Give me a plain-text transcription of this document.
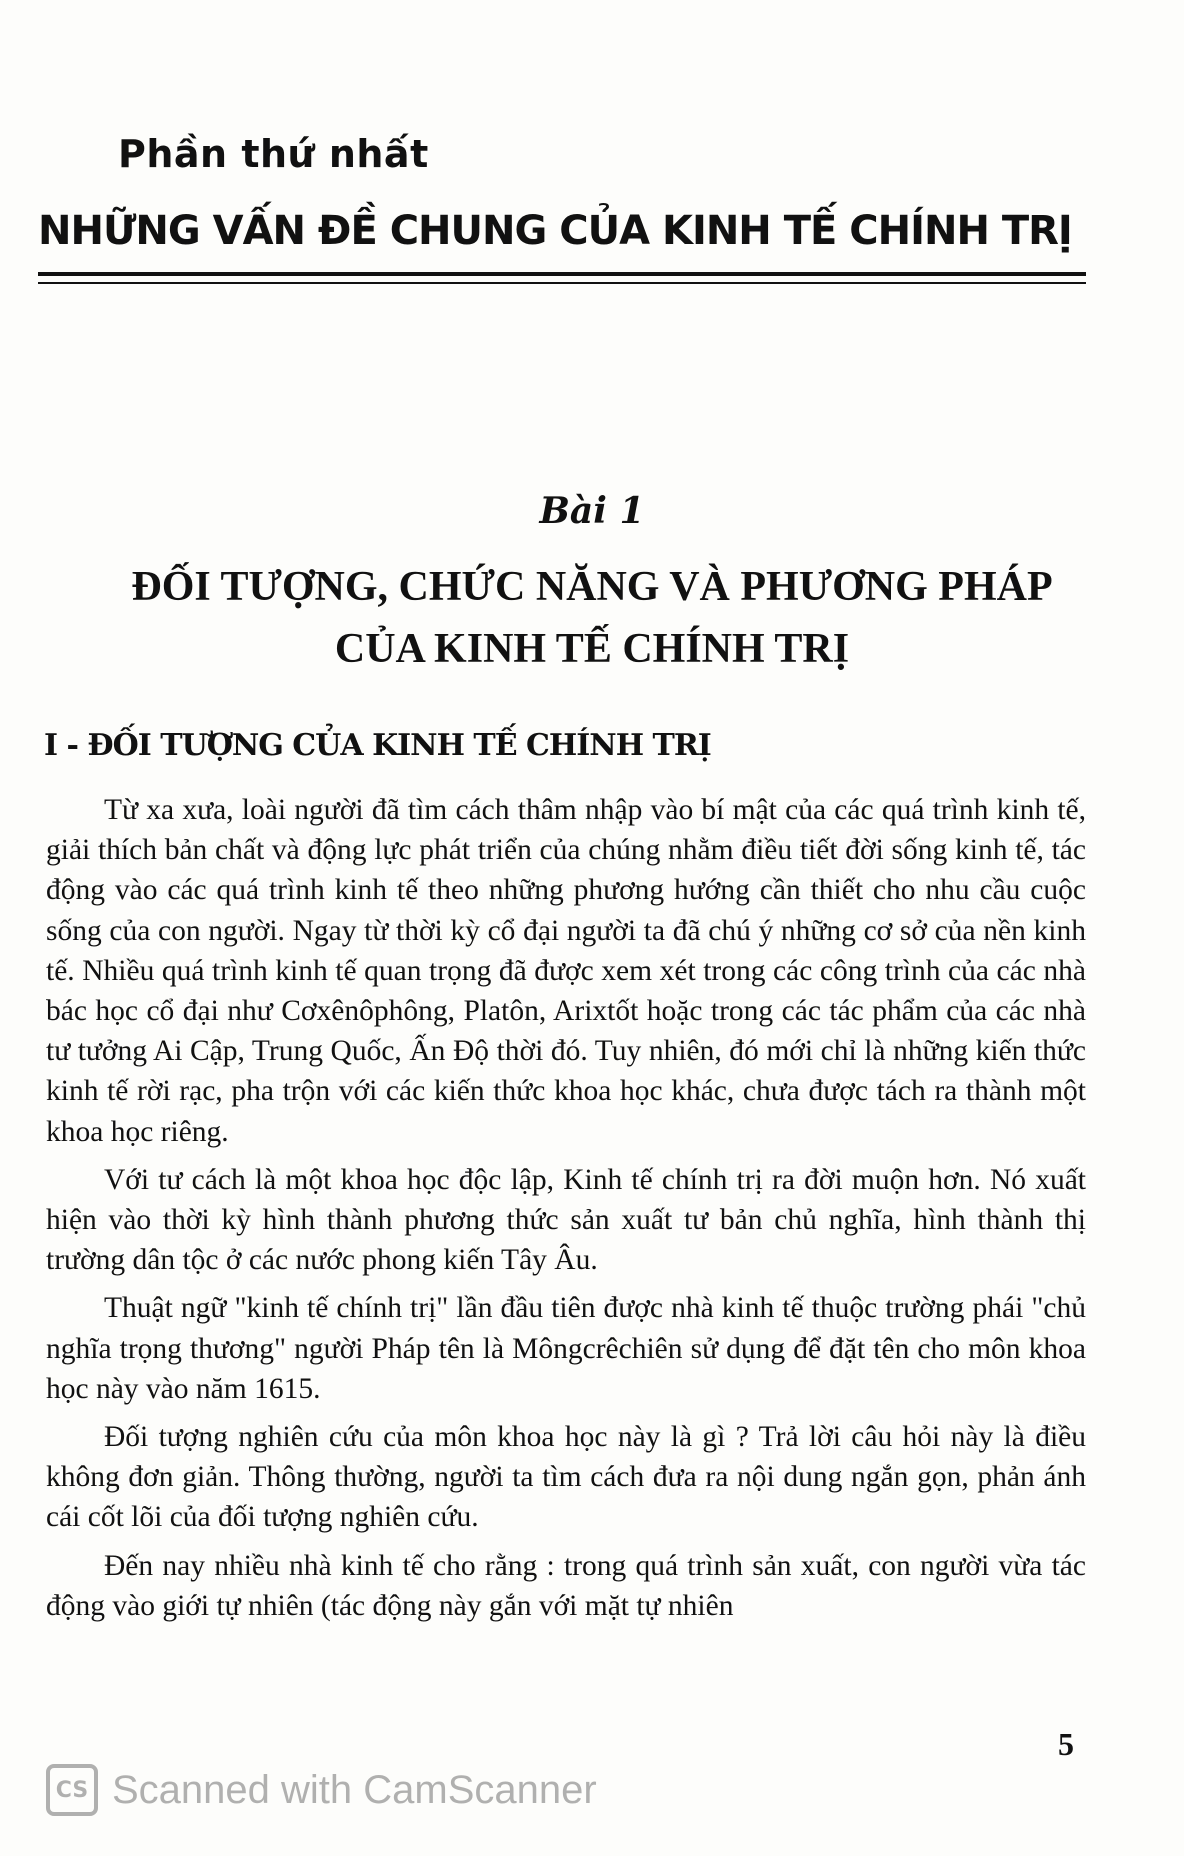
Phần thứ nhất
NHỮNG VẤN ĐỀ CHUNG CỦA KINH TẾ CHÍNH TRỊ
Bài 1
ĐỐI TƯỢNG, CHỨC NĂNG VÀ PHƯƠNG PHÁP
CỦA KINH TẾ CHÍNH TRỊ
I - ĐỐI TƯỢNG CỦA KINH TẾ CHÍNH TRỊ

Từ xa xưa, loài người đã tìm cách thâm nhập vào bí mật của các quá trình kinh tế, giải thích bản chất và động lực phát triển của chúng nhằm điều tiết đời sống kinh tế, tác động vào các quá trình kinh tế theo những phương hướng cần thiết cho nhu cầu cuộc sống của con người. Ngay từ thời kỳ cổ đại người ta đã chú ý những cơ sở của nền kinh tế. Nhiều quá trình kinh tế quan trọng đã được xem xét trong các công trình của các nhà bác học cổ đại như Cơxênôphông, Platôn, Arixtốt hoặc trong các tác phẩm của các nhà tư tưởng Ai Cập, Trung Quốc, Ấn Độ thời đó. Tuy nhiên, đó mới chỉ là những kiến thức kinh tế rời rạc, pha trộn với các kiến thức khoa học khác, chưa được tách ra thành một khoa học riêng.

Với tư cách là một khoa học độc lập, Kinh tế chính trị ra đời muộn hơn. Nó xuất hiện vào thời kỳ hình thành phương thức sản xuất tư bản chủ nghĩa, hình thành thị trường dân tộc ở các nước phong kiến Tây Âu.

Thuật ngữ "kinh tế chính trị" lần đầu tiên được nhà kinh tế thuộc trường phái "chủ nghĩa trọng thương" người Pháp tên là Môngcrêchiên sử dụng để đặt tên cho môn khoa học này vào năm 1615.

Đối tượng nghiên cứu của môn khoa học này là gì ? Trả lời câu hỏi này là điều không đơn giản. Thông thường, người ta tìm cách đưa ra nội dung ngắn gọn, phản ánh cái cốt lõi của đối tượng nghiên cứu.

Đến nay nhiều nhà kinh tế cho rằng : trong quá trình sản xuất, con người vừa tác động vào giới tự nhiên (tác động này gắn với mặt tự nhiên

5
CS Scanned with CamScanner
